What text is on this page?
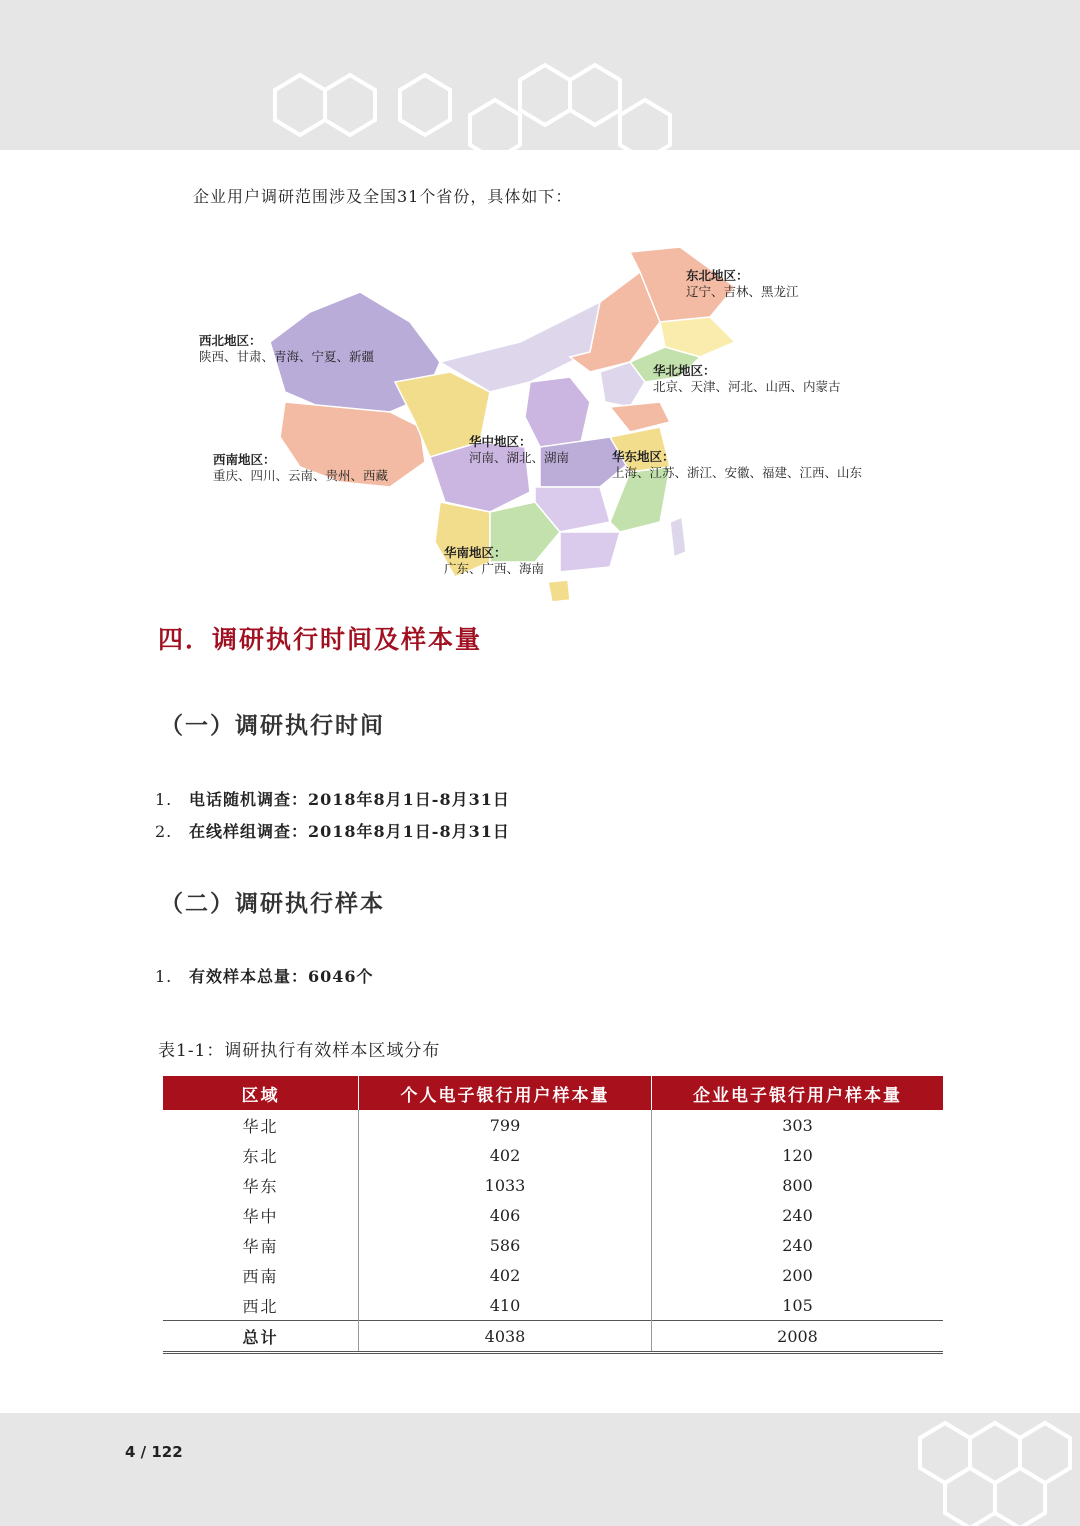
企业用户调研范围涉及全国31个省份，具体如下：
东北地区：
辽宁、吉林、黑龙江
西北地区：
陕西、甘肃、青海、宁夏、新疆
华北地区：
北京、天津、河北、山西、内蒙古
华中地区：
河南、湖北、湖南
西南地区：
重庆、四川、云南、贵州、西藏
华东地区：
上海、江苏、浙江、安徽、福建、江西、山东
华南地区：
广东、广西、海南
四．调研执行时间及样本量
（一）调研执行时间
1. 电话随机调查：2018年8月1日-8月31日
2. 在线样组调查：2018年8月1日-8月31日
（二）调研执行样本
1. 有效样本总量：6046个
表1-1：调研执行有效样本区域分布
区域	个人电子银行用户样本量	企业电子银行用户样本量
华北	799	303
东北	402	120
华东	1033	800
华中	406	240
华南	586	240
西南	402	200
西北	410	105
总计	4038	2008
4 / 122
